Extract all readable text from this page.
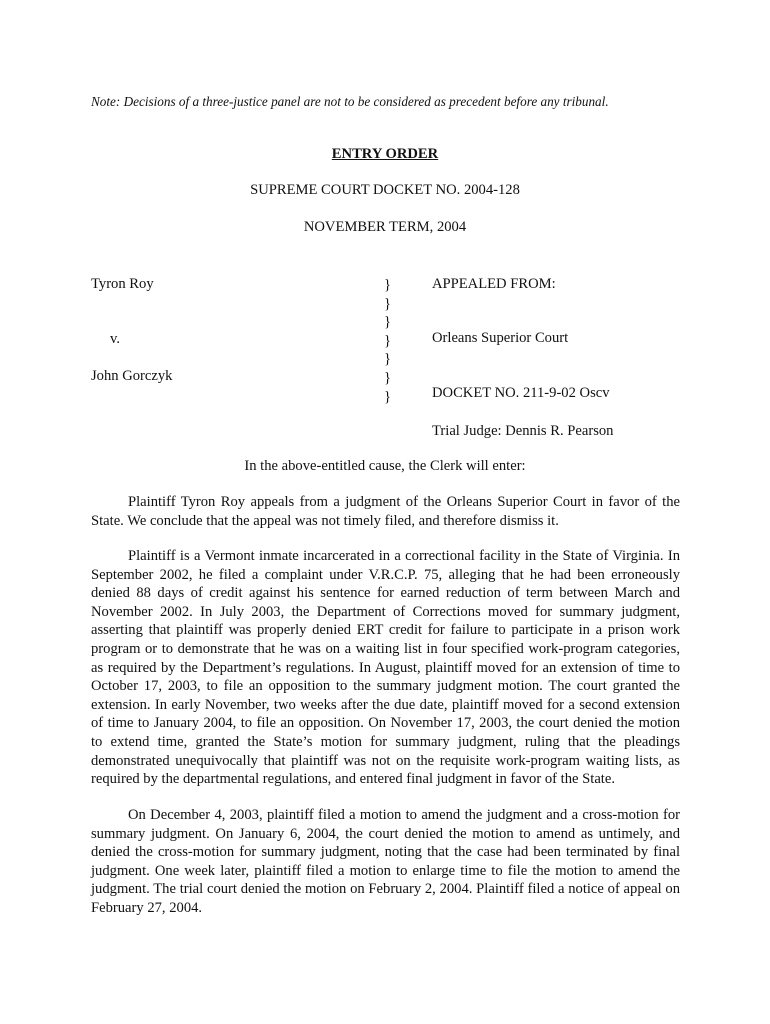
Note: Decisions of a three-justice panel are not to be considered as precedent before any tribunal.
ENTRY ORDER
SUPREME COURT DOCKET NO. 2004-128
NOVEMBER TERM, 2004
Tyron Roy
v.
John Gorczyk
}
}
}
}
}
}
}
APPEALED FROM:
Orleans Superior Court
DOCKET NO. 211-9-02 Oscv
Trial Judge: Dennis R. Pearson
In the above-entitled cause, the Clerk will enter:
Plaintiff Tyron Roy appeals from a judgment of the Orleans Superior Court in favor of the State. We conclude that the appeal was not timely filed, and therefore dismiss it.
Plaintiff is a Vermont inmate incarcerated in a correctional facility in the State of Virginia. In September 2002, he filed a complaint under V.R.C.P. 75, alleging that he had been erroneously denied 88 days of credit against his sentence for earned reduction of term between March and November 2002. In July 2003, the Department of Corrections moved for summary judgment, asserting that plaintiff was properly denied ERT credit for failure to participate in a prison work program or to demonstrate that he was on a waiting list in four specified work-program categories, as required by the Department’s regulations. In August, plaintiff moved for an extension of time to October 17, 2003, to file an opposition to the summary judgment motion. The court granted the extension. In early November, two weeks after the due date, plaintiff moved for a second extension of time to January 2004, to file an opposition. On November 17, 2003, the court denied the motion to extend time, granted the State’s motion for summary judgment, ruling that the pleadings demonstrated unequivocally that plaintiff was not on the requisite work-program waiting lists, as required by the departmental regulations, and entered final judgment in favor of the State.
On December 4, 2003, plaintiff filed a motion to amend the judgment and a cross-motion for summary judgment. On January 6, 2004, the court denied the motion to amend as untimely, and denied the cross-motion for summary judgment, noting that the case had been terminated by final judgment. One week later, plaintiff filed a motion to enlarge time to file the motion to amend the judgment. The trial court denied the motion on February 2, 2004. Plaintiff filed a notice of appeal on February 27, 2004.
